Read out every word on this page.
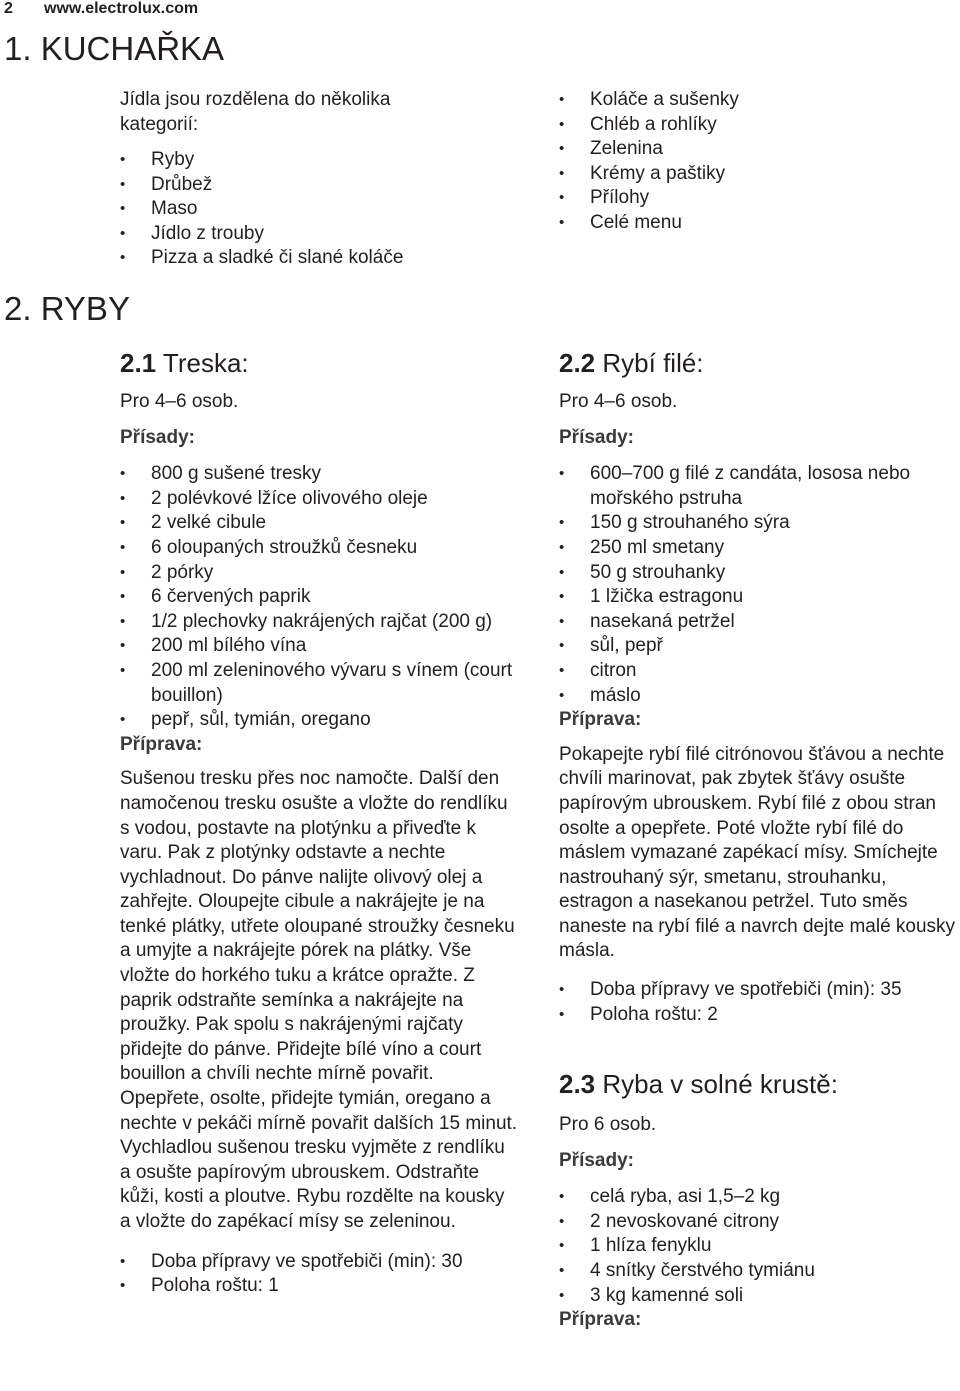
2 www.electrolux.com
1. KUCHAŘKA
Jídla jsou rozdělena do několika kategorií:
• Ryby
• Drůbež
• Maso
• Jídlo z trouby
• Pizza a sladké či slané koláče
• Koláče a sušenky
• Chléb a rohlíky
• Zelenina
• Krémy a paštiky
• Přílohy
• Celé menu
2. RYBY
2.1 Treska:
Pro 4–6 osob.
Přísady:
• 800 g sušené tresky
• 2 polévkové lžíce olivového oleje
• 2 velké cibule
• 6 oloupaných stroužků česneku
• 2 pórky
• 6 červených paprik
• 1/2 plechovky nakrájených rajčat (200 g)
• 200 ml bílého vína
• 200 ml zeleninového vývaru s vínem (court bouillon)
• pepř, sůl, tymián, oregano
Příprava:

Sušenou tresku přes noc namočte. Další den namočenou tresku osušte a vložte do rendlíku s vodou, postavte na plotýnku a přiveďte k varu. Pak z plotýnky odstavte a nechte vychladnout. Do pánve nalijte olivový olej a zahřejte. Oloupejte cibule a nakrájejte je na tenké plátky, utřete oloupané stroužky česneku a umyjte a nakrájejte pórek na plátky. Vše vložte do horkého tuku a krátce opražte. Z paprik odstraňte semínka a nakrájejte na proužky. Pak spolu s nakrájenými rajčaty přidejte do pánve. Přidejte bílé víno a court bouillon a chvíli nechte mírně povařit. Opepřete, osolte, přidejte tymián, oregano a nechte v pekáči mírně povařit dalších 15 minut. Vychladlou sušenou tresku vyjměte z rendlíku a osušte papírovým ubrouskem. Odstraňte kůži, kosti a ploutve. Rybu rozdělte na kousky a vložte do zapékací mísy se zeleninou.

• Doba přípravy ve spotřebiči (min): 30
• Poloha roštu: 1
2.2 Rybí filé:
Pro 4–6 osob.
Přísady:
• 600–700 g filé z candáta, lososa nebo mořského pstruha
• 150 g strouhaného sýra
• 250 ml smetany
• 50 g strouhanky
• 1 lžička estragonu
• nasekaná petržel
• sůl, pepř
• citron
• máslo
Příprava:

Pokapejte rybí filé citrónovou šťávou a nechte chvíli marinovat, pak zbytek šťávy osušte papírovým ubrouskem. Rybí filé z obou stran osolte a opepřete. Poté vložte rybí filé do máslem vymazané zapékací mísy. Smíchejte nastrouhaný sýr, smetanu, strouhanku, estragon a nasekanou petržel. Tuto směs naneste na rybí filé a navrch dejte malé kousky másla.

• Doba přípravy ve spotřebiči (min): 35
• Poloha roštu: 2
2.3 Ryba v solné krustě:
Pro 6 osob.
Přísady:
• celá ryba, asi 1,5–2 kg
• 2 nevoskované citrony
• 1 hlíza fenyklu
• 4 snítky čerstvého tymiánu
• 3 kg kamenné soli
Příprava:
